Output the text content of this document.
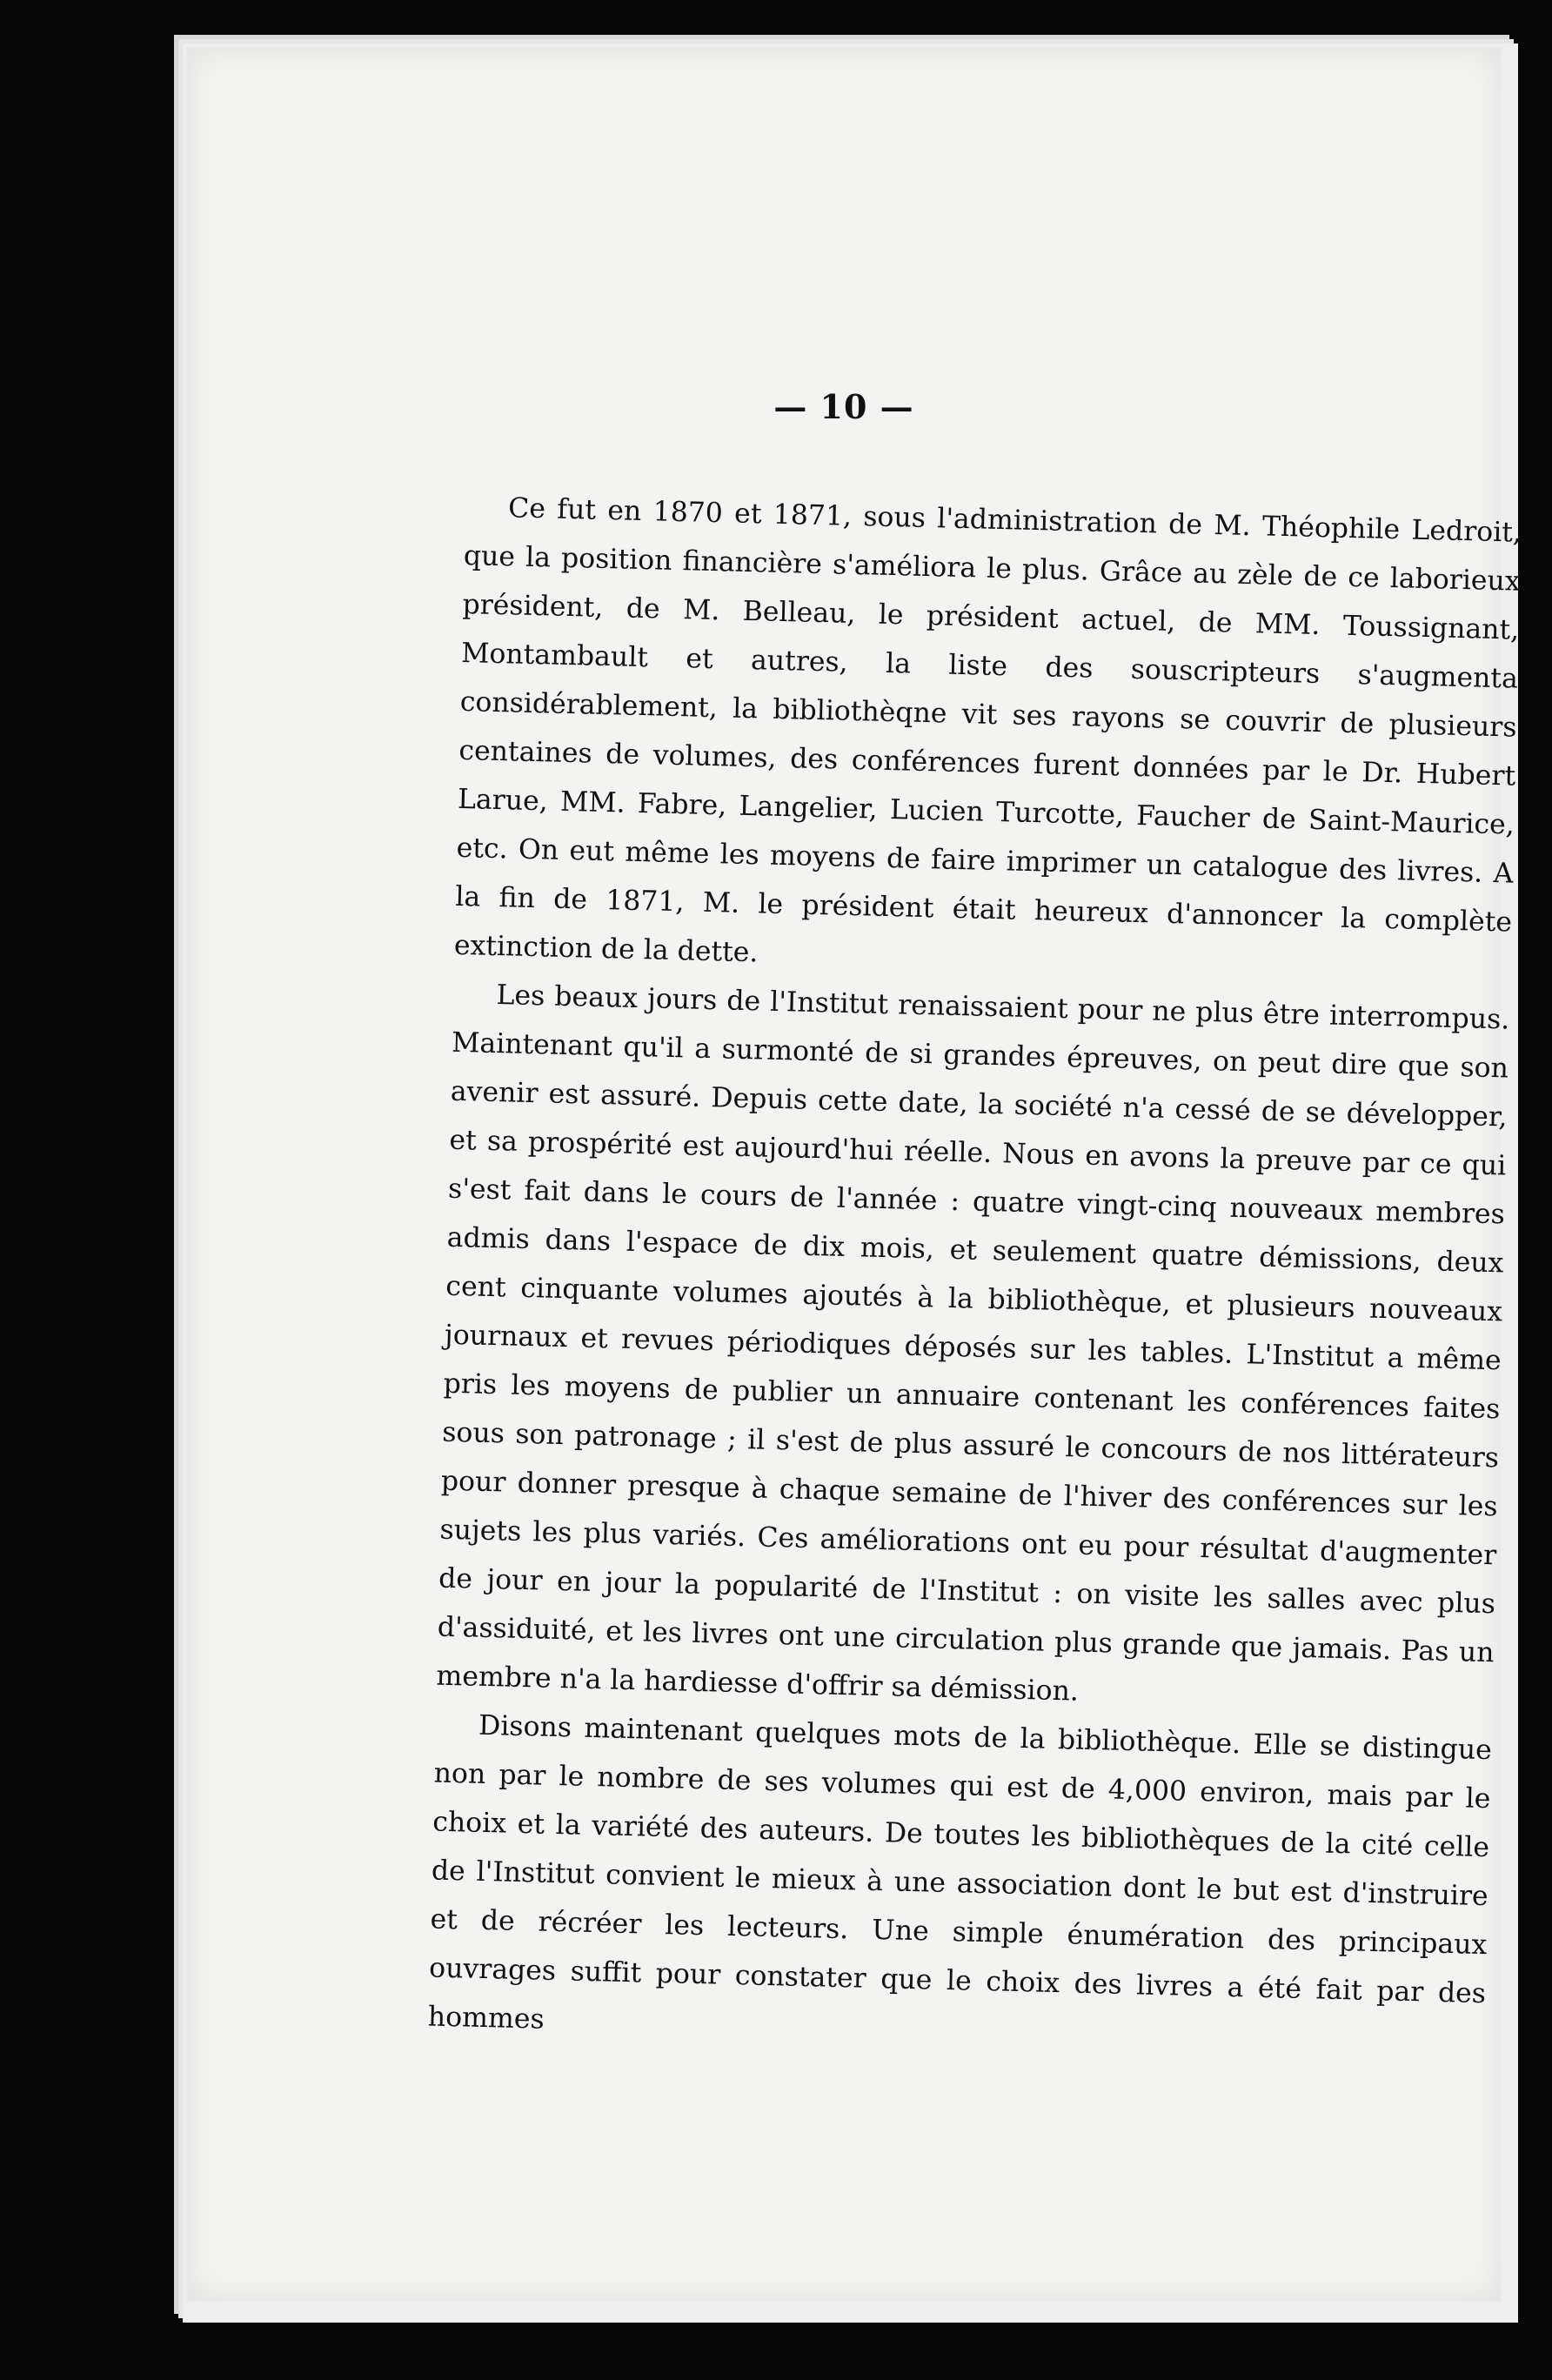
— 10 —

Ce fut en 1870 et 1871, sous l'administration de M. Théophile Ledroit, que la position financière s'améliora le plus. Grâce au zèle de ce laborieux président, de M. Belleau, le président actuel, de MM. Toussignant, Montambault et autres, la liste des souscripteurs s'augmenta considérablement, la bibliothèqne vit ses rayons se couvrir de plusieurs centaines de volumes, des conférences furent données par le Dr. Hubert Larue, MM. Fabre, Langelier, Lucien Turcotte, Faucher de Saint-Maurice, etc. On eut même les moyens de faire imprimer un catalogue des livres. A la fin de 1871, M. le président était heureux d'annoncer la complète extinction de la dette.

Les beaux jours de l'Institut renaissaient pour ne plus être interrompus. Maintenant qu'il a surmonté de si grandes épreuves, on peut dire que son avenir est assuré. Depuis cette date, la société n'a cessé de se développer, et sa prospérité est aujourd'hui réelle. Nous en avons la preuve par ce qui s'est fait dans le cours de l'année : quatre vingt-cinq nouveaux membres admis dans l'espace de dix mois, et seulement quatre démissions, deux cent cinquante volumes ajoutés à la bibliothèque, et plusieurs nouveaux journaux et revues périodiques déposés sur les tables. L'Institut a même pris les moyens de publier un annuaire contenant les conférences faites sous son patronage ; il s'est de plus assuré le concours de nos littérateurs pour donner presque à chaque semaine de l'hiver des conférences sur les sujets les plus variés. Ces améliorations ont eu pour résultat d'augmenter de jour en jour la popularité de l'Institut : on visite les salles avec plus d'assiduité, et les livres ont une circulation plus grande que jamais. Pas un membre n'a la hardiesse d'offrir sa démission.

Disons maintenant quelques mots de la bibliothèque. Elle se distingue non par le nombre de ses volumes qui est de 4,000 environ, mais par le choix et la variété des auteurs. De toutes les bibliothèques de la cité celle de l'Institut convient le mieux à une association dont le but est d'instruire et de récréer les lecteurs. Une simple énumération des principaux ouvrages suffit pour constater que le choix des livres a été fait par des hommes
